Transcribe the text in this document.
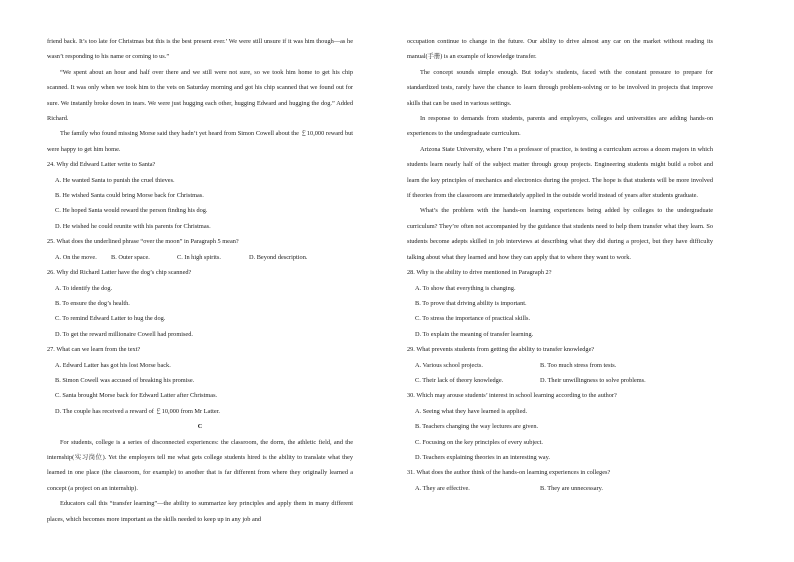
friend back. It’s too late for Christmas but this is the best present ever.’ We were still unsure if it was him though—as he wasn’t responding to his name or coming to us.”

“We spent about an hour and half over there and we still were not sure, so we took him home to get his chip scanned. It was only when we took him to the vets on Saturday morning and got his chip scanned that we found out for sure. We instantly broke down in tears. We were just hugging each other, hugging Edward and hugging the dog.” Added Richard.

The family who found missing Morse said they hadn’t yet heard from Simon Cowell about the ￡10,000 reward but were happy to get him home.

24. Why did Edward Latter write to Santa?
A. He wanted Santa to punish the cruel thieves.
B. He wished Santa could bring Morse back for Christmas.
C. He hoped Santa would reward the person finding his dog.
D. He wished he could reunite with his parents for Christmas.
25. What does the underlined phrase “over the moon” in Paragraph 5 mean?
A. On the move.	B. Outer space.	C. In high spirits.	D. Beyond description.
26. Why did Richard Latter have the dog’s chip scanned?
A. To identify the dog.
B. To ensure the dog’s health.
C. To remind Edward Latter to hug the dog.
D. To get the reward millionaire Cowell had promised.
27. What can we learn from the text?
A. Edward Latter has got his lost Morse back.
B. Simon Cowell was accused of breaking his promise.
C. Santa brought Morse back for Edward Latter after Christmas.
D. The couple has received a reward of ￡10,000 from Mr Latter.
C

For students, college is a series of disconnected experiences: the classroom, the dorm, the athletic field, and the internship(实习岗位). Yet the employers tell me what gets college students hired is the ability to translate what they learned in one place (the classroom, for example) to another that is far different from where they originally learned a concept (a project on an internship).

Educators call this “transfer learning”—the ability to summarize key principles and apply them in many different places, which becomes more important as the skills needed to keep up in any job and

occupation continue to change in the future. Our ability to drive almost any car on the market without reading its manual(手册) is an example of knowledge transfer.

The concept sounds simple enough. But today’s students, faced with the constant pressure to prepare for standardized tests, rarely have the chance to learn through problem-solving or to be involved in projects that improve skills that can be used in various settings.

In response to demands from students, parents and employers, colleges and universities are adding hands-on experiences to the undergraduate curriculum.

Arizona State University, where I’m a professor of practice, is testing a curriculum across a dozen majors in which students learn nearly half of the subject matter through group projects. Engineering students might build a robot and learn the key principles of mechanics and electronics during the project. The hope is that students will be more involved if theories from the classroom are immediately applied in the outside world instead of years after students graduate.

What’s the problem with the hands-on learning experiences being added by colleges to the undergraduate curriculum? They’re often not accompanied by the guidance that students need to help them transfer what they learn. So students become adepts skilled in job interviews at describing what they did during a project, but they have difficulty talking about what they learned and how they can apply that to where they want to work.

28. Why is the ability to drive mentioned in Paragraph 2?
A. To show that everything is changing.
B. To prove that driving ability is important.
C. To stress the importance of practical skills.
D. To explain the meaning of transfer learning.
29. What prevents students from getting the ability to transfer knowledge?
A. Various school projects.	B. Too much stress from tests.
C. Their lack of theory knowledge.	D. Their unwillingness to solve problems.
30. Which may arouse students’ interest in school learning according to the author?
A. Seeing what they have learned is applied.
B. Teachers changing the way lectures are given.
C. Focusing on the key principles of every subject.
D. Teachers explaining theories in an interesting way.
31. What does the author think of the hands-on learning experiences in colleges?
A. They are effective.	B. They are unnecessary.
